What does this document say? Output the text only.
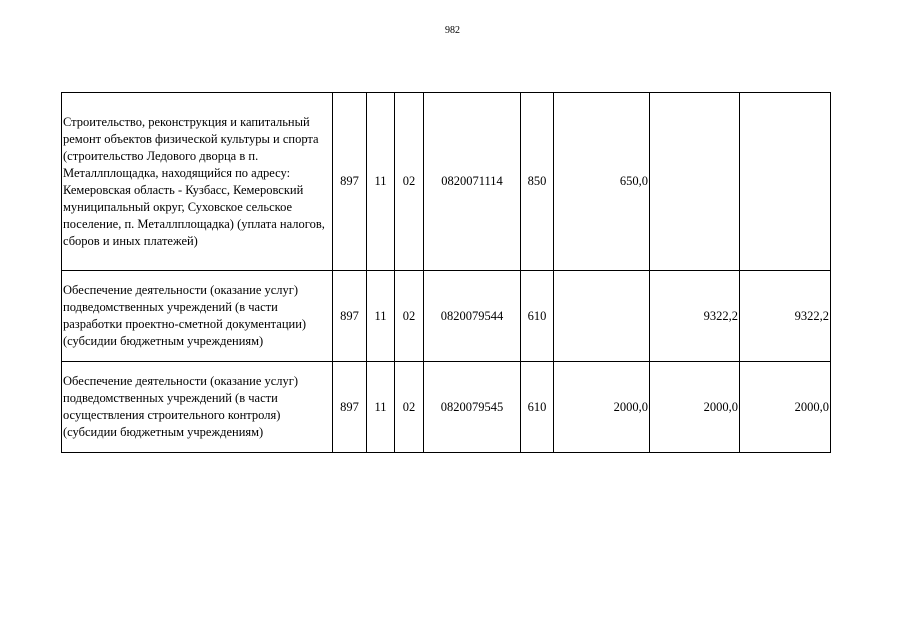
982
Строительство, реконструкция и капитальный ремонт объектов физической культуры и спорта (строительство Ледового дворца в п. Металлплощадка, находящийся по адресу: Кемеровская область - Кузбасс, Кемеровский муниципальный округ, Суховское сельское поселение, п. Металлплощадка) (уплата налогов, сборов и иных платежей)	897	11	02	0820071114	850	650,0		
Обеспечение деятельности (оказание услуг) подведомственных учреждений (в части разработки проектно-сметной документации) (субсидии бюджетным учреждениям)	897	11	02	0820079544	610		9322,2	9322,2
Обеспечение деятельности (оказание услуг) подведомственных учреждений (в части осуществления строительного контроля) (субсидии бюджетным учреждениям)	897	11	02	0820079545	610	2000,0	2000,0	2000,0
